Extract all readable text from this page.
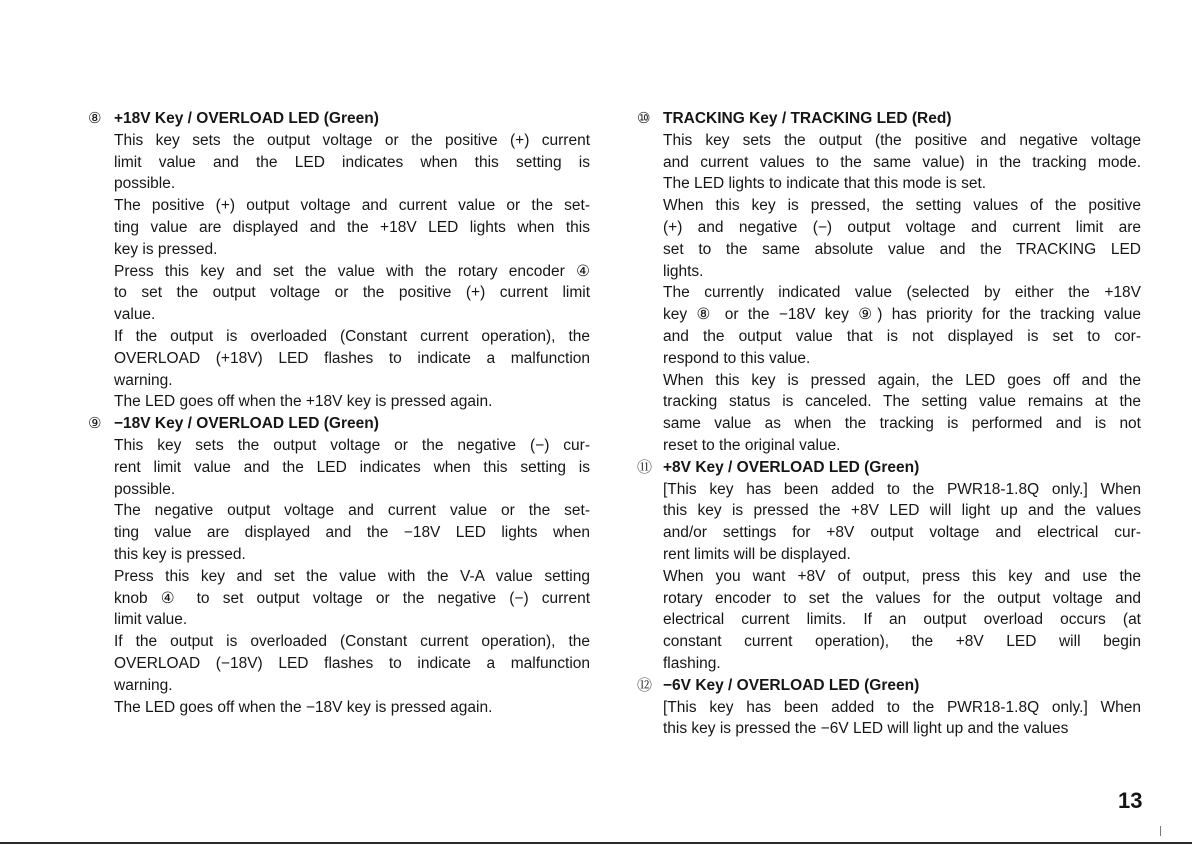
⑧ +18V Key / OVERLOAD LED (Green)

This key sets the output voltage or the positive (+) current
limit value and the LED indicates when this setting is
possible.

The positive (+) output voltage and current value or the set-
ting value are displayed and the +18V LED lights when this
key is pressed.

Press this key and set the value with the rotary encoder ④
to set the output voltage or the positive (+) current limit
value.

If the output is overloaded (Constant current operation), the
OVERLOAD (+18V) LED flashes to indicate a malfunction
warning.

The LED goes off when the +18V key is pressed again.

⑨ −18V Key / OVERLOAD LED (Green)

This key sets the output voltage or the negative (−) cur-
rent limit value and the LED indicates when this setting is
possible.

The negative output voltage and current value or the set-
ting value are displayed and the −18V LED lights when
this key is pressed.

Press this key and set the value with the V-A value setting
knob ④ to set output voltage or the negative (−) current
limit value.

If the output is overloaded (Constant current operation), the
OVERLOAD (−18V) LED flashes to indicate a malfunction
warning.

The LED goes off when the −18V key is pressed again.

⑩ TRACKING Key / TRACKING LED (Red)

This key sets the output (the positive and negative voltage
and current values to the same value) in the tracking mode.
The LED lights to indicate that this mode is set.

When this key is pressed, the setting values of the positive
(+) and negative (−) output voltage and current limit are
set to the same absolute value and the TRACKING LED
lights.

The currently indicated value (selected by either the +18V
key ⑧ or the −18V key ⑨) has priority for the tracking value
and the output value that is not displayed is set to cor-
respond to this value.

When this key is pressed again, the LED goes off and the
tracking status is canceled. The setting value remains at the
same value as when the tracking is performed and is not
reset to the original value.

⑪ +8V Key / OVERLOAD LED (Green)

[This key has been added to the PWR18-1.8Q only.] When
this key is pressed the +8V LED will light up and the values
and/or settings for +8V output voltage and electrical cur-
rent limits will be displayed.

When you want +8V of output, press this key and use the
rotary encoder to set the values for the output voltage and
electrical current limits. If an output overload occurs (at
constant current operation), the +8V LED will begin
flashing.

⑫ −6V Key / OVERLOAD LED (Green)

[This key has been added to the PWR18-1.8Q only.] When
this key is pressed the −6V LED will light up and the values

13
